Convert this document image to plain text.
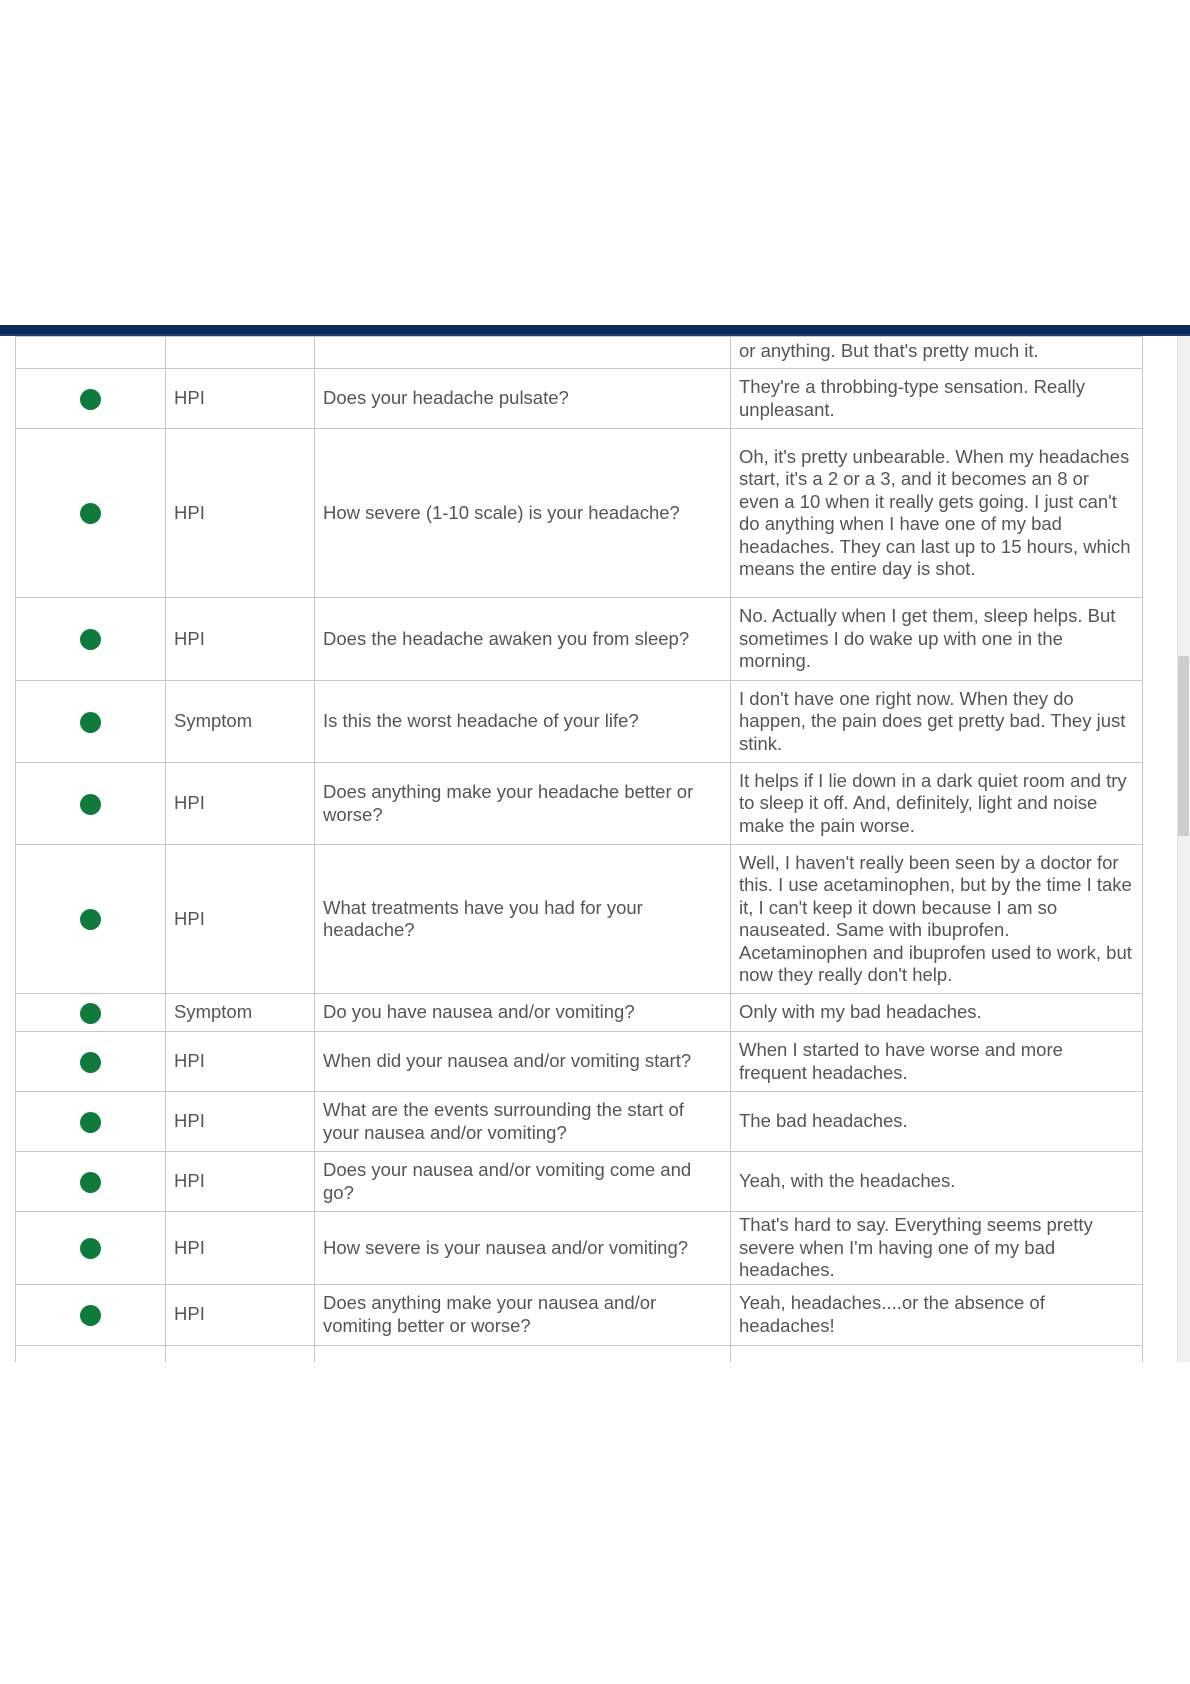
			or anything. But that's pretty much it.
	HPI	Does your headache pulsate?	They're a throbbing-type sensation. Really unpleasant.
	HPI	How severe (1-10 scale) is your headache?	Oh, it's pretty unbearable. When my headaches start, it's a 2 or a 3, and it becomes an 8 or even a 10 when it really gets going. I just can't do anything when I have one of my bad headaches. They can last up to 15 hours, which means the entire day is shot.
	HPI	Does the headache awaken you from sleep?	No. Actually when I get them, sleep helps. But sometimes I do wake up with one in the morning.
	Symptom	Is this the worst headache of your life?	I don't have one right now. When they do happen, the pain does get pretty bad. They just stink.
	HPI	Does anything make your headache better or worse?	It helps if I lie down in a dark quiet room and try to sleep it off. And, definitely, light and noise make the pain worse.
	HPI	What treatments have you had for your headache?	Well, I haven't really been seen by a doctor for this. I use acetaminophen, but by the time I take it, I can't keep it down because I am so nauseated. Same with ibuprofen. Acetaminophen and ibuprofen used to work, but now they really don't help.
	Symptom	Do you have nausea and/or vomiting?	Only with my bad headaches.
	HPI	When did your nausea and/or vomiting start?	When I started to have worse and more frequent headaches.
	HPI	What are the events surrounding the start of your nausea and/or vomiting?	The bad headaches.
	HPI	Does your nausea and/or vomiting come and go?	Yeah, with the headaches.
	HPI	How severe is your nausea and/or vomiting?	That's hard to say. Everything seems pretty severe when I'm having one of my bad headaches.
	HPI	Does anything make your nausea and/or vomiting better or worse?	Yeah, headaches....or the absence of headaches!
